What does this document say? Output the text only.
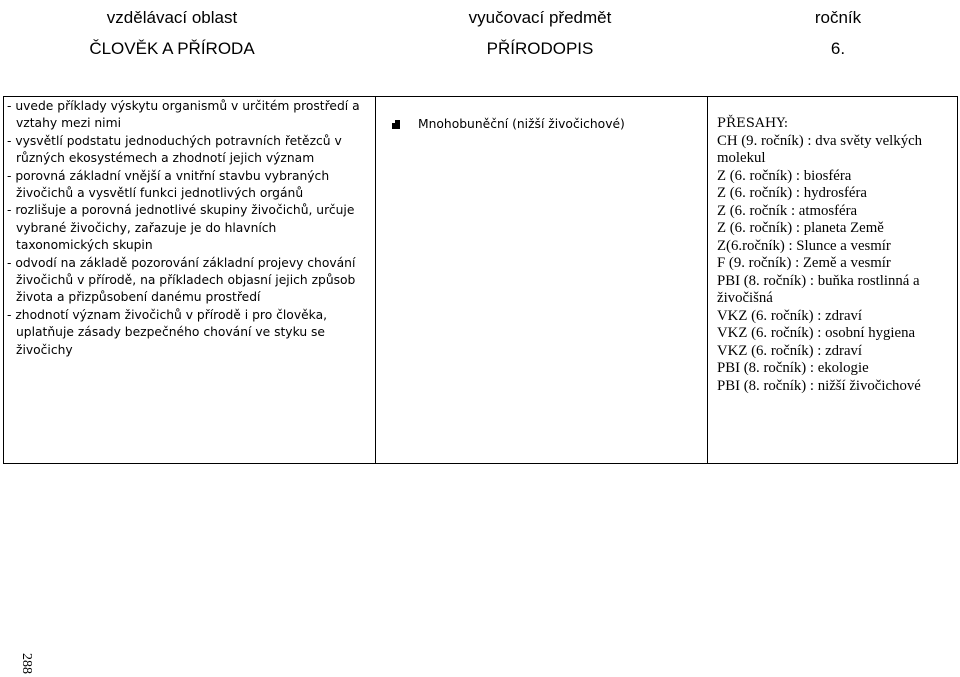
vzdělávací oblast	vyučovací předmět	ročník
ČLOVĚK A PŘÍRODA	PŘÍRODOPIS	6.
- uvede příklady výskytu organismů v určitém prostředí a vztahy mezi nimi
- vysvětlí podstatu jednoduchých potravních řetězců v různých ekosystémech a zhodnotí jejich význam
- porovná základní vnější a vnitřní stavbu vybraných živočichů a vysvětlí funkci jednotlivých orgánů
- rozlišuje a porovná jednotlivé skupiny živočichů, určuje vybrané živočichy, zařazuje je do hlavních taxonomických skupin
- odvodí na základě pozorování základní projevy chování živočichů v přírodě, na příkladech objasní jejich způsob života a přizpůsobení danému prostředí
- zhodnotí význam živočichů v přírodě i pro člověka, uplatňuje zásady bezpečného chování ve styku se živočichy
Mnohobuněční (nižší živočichové)	PŘESAHY:
CH (9. ročník) : dva světy velkých molekul
Z (6. ročník) : biosféra
Z (6. ročník) : hydrosféra
Z (6. ročník : atmosféra
Z (6. ročník) : planeta Země
Z(6.ročník) : Slunce a vesmír
F (9. ročník) : Země a vesmír
PBI (8. ročník) : buňka rostlinná a živočišná
VKZ (6. ročník) : zdraví
VKZ (6. ročník) : osobní hygiena
VKZ (6. ročník) : zdraví
PBI (8. ročník) : ekologie
PBI (8. ročník) : nižší živočichové
288
